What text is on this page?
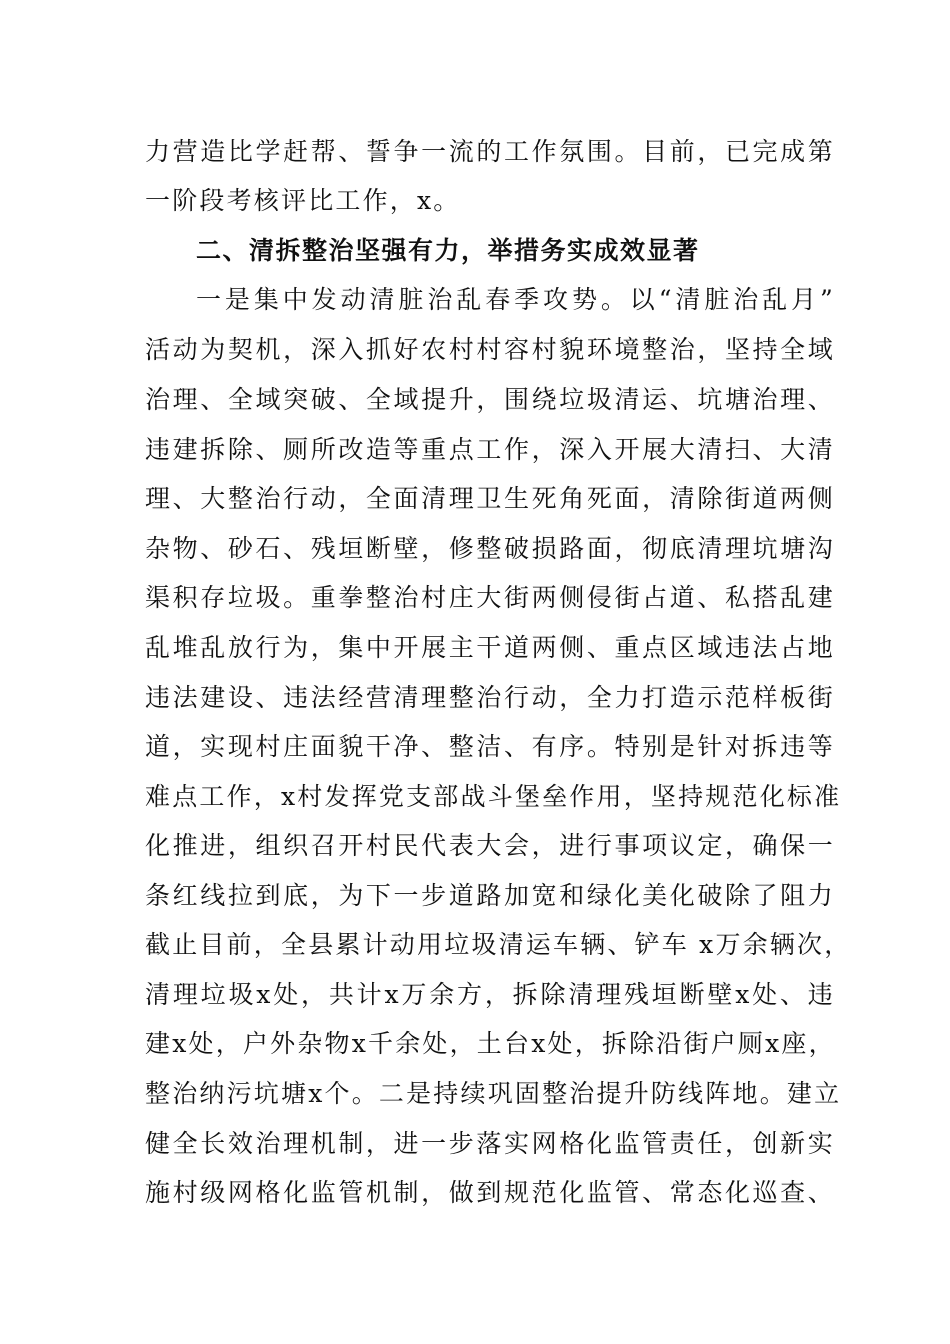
力营造比学赶帮、誓争一流的工作氛围。目前，已完成第
一阶段考核评比工作，x。
二、清拆整治坚强有力，举措务实成效显著
一是集中发动清脏治乱春季攻势。以“清脏治乱月”
活动为契机，深入抓好农村村容村貌环境整治，坚持全域
治理、全域突破、全域提升，围绕垃圾清运、坑塘治理、
违建拆除、厕所改造等重点工作，深入开展大清扫、大清
理、大整治行动，全面清理卫生死角死面，清除街道两侧
杂物、砂石、残垣断壁，修整破损路面，彻底清理坑塘沟
渠积存垃圾。重拳整治村庄大街两侧侵街占道、私搭乱建
乱堆乱放行为，集中开展主干道两侧、重点区域违法占地
违法建设、违法经营清理整治行动，全力打造示范样板街
道，实现村庄面貌干净、整洁、有序。特别是针对拆违等
难点工作，x村发挥党支部战斗堡垒作用，坚持规范化标准
化推进，组织召开村民代表大会，进行事项议定，确保一
条红线拉到底，为下一步道路加宽和绿化美化破除了阻力
截止目前，全县累计动用垃圾清运车辆、铲车 x万余辆次，
清理垃圾x处，共计x万余方，拆除清理残垣断壁x处、违
建x处，户外杂物x千余处，土台x处，拆除沿街户厕x座，
整治纳污坑塘x个。二是持续巩固整治提升防线阵地。建立
健全长效治理机制，进一步落实网格化监管责任，创新实
施村级网格化监管机制，做到规范化监管、常态化巡查、
